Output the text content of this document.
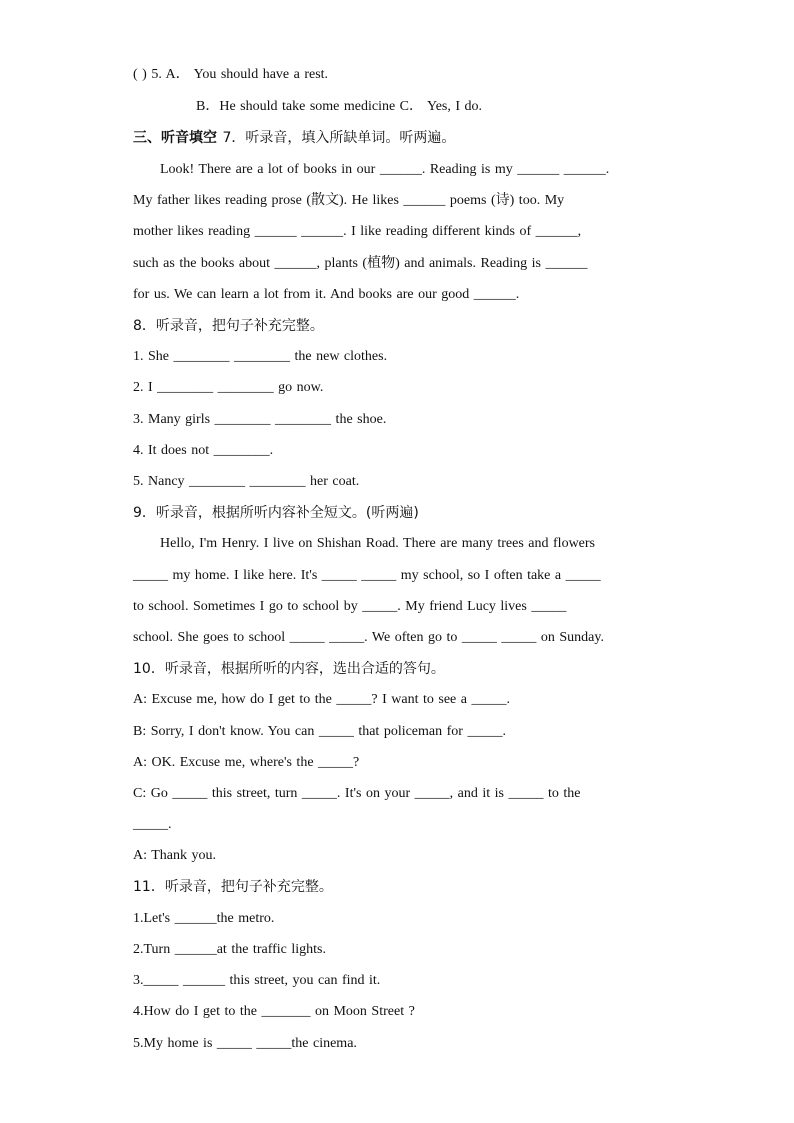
( ) 5. A． You should have a rest.
B．He should take some medicine C． Yes, I do.
三、听音填空 7．听录音，填入所缺单词。听两遍。
Look! There are a lot of books in our ______. Reading is my ______ ______.
My father likes reading prose (散文). He likes ______ poems (诗) too. My
mother likes reading ______ ______. I like reading different kinds of ______,
such as the books about ______, plants (植物) and animals. Reading is ______
for us. We can learn a lot from it. And books are our good ______.
8．听录音，把句子补充完整。
1. She ________ ________ the new clothes.
2. I ________ ________ go now.
3. Many girls ________ ________ the shoe.
4. It does not ________.
5. Nancy ________ ________ her coat.
9．听录音，根据所听内容补全短文。(听两遍)
Hello, I'm Henry. I live on Shishan Road. There are many trees and flowers
_____ my home. I like here. It's _____ _____ my school, so I often take a _____
to school. Sometimes I go to school by _____. My friend Lucy lives _____
school. She goes to school _____ _____. We often go to _____ _____ on Sunday.
10．听录音，根据所听的内容，选出合适的答句。
A: Excuse me, how do I get to the _____? I want to see a _____.
B: Sorry, I don't know. You can _____ that policeman for _____.
A: OK. Excuse me, where's the _____?
C: Go _____ this street, turn _____. It's on your _____, and it is _____ to the
_____.
A: Thank you.
11．听录音，把句子补充完整。
1.Let's ______the metro.
2.Turn ______at the traffic lights.
3._____ ______ this street, you can find it.
4.How do I get to the _______ on Moon Street ?
5.My home is _____ _____the cinema.
